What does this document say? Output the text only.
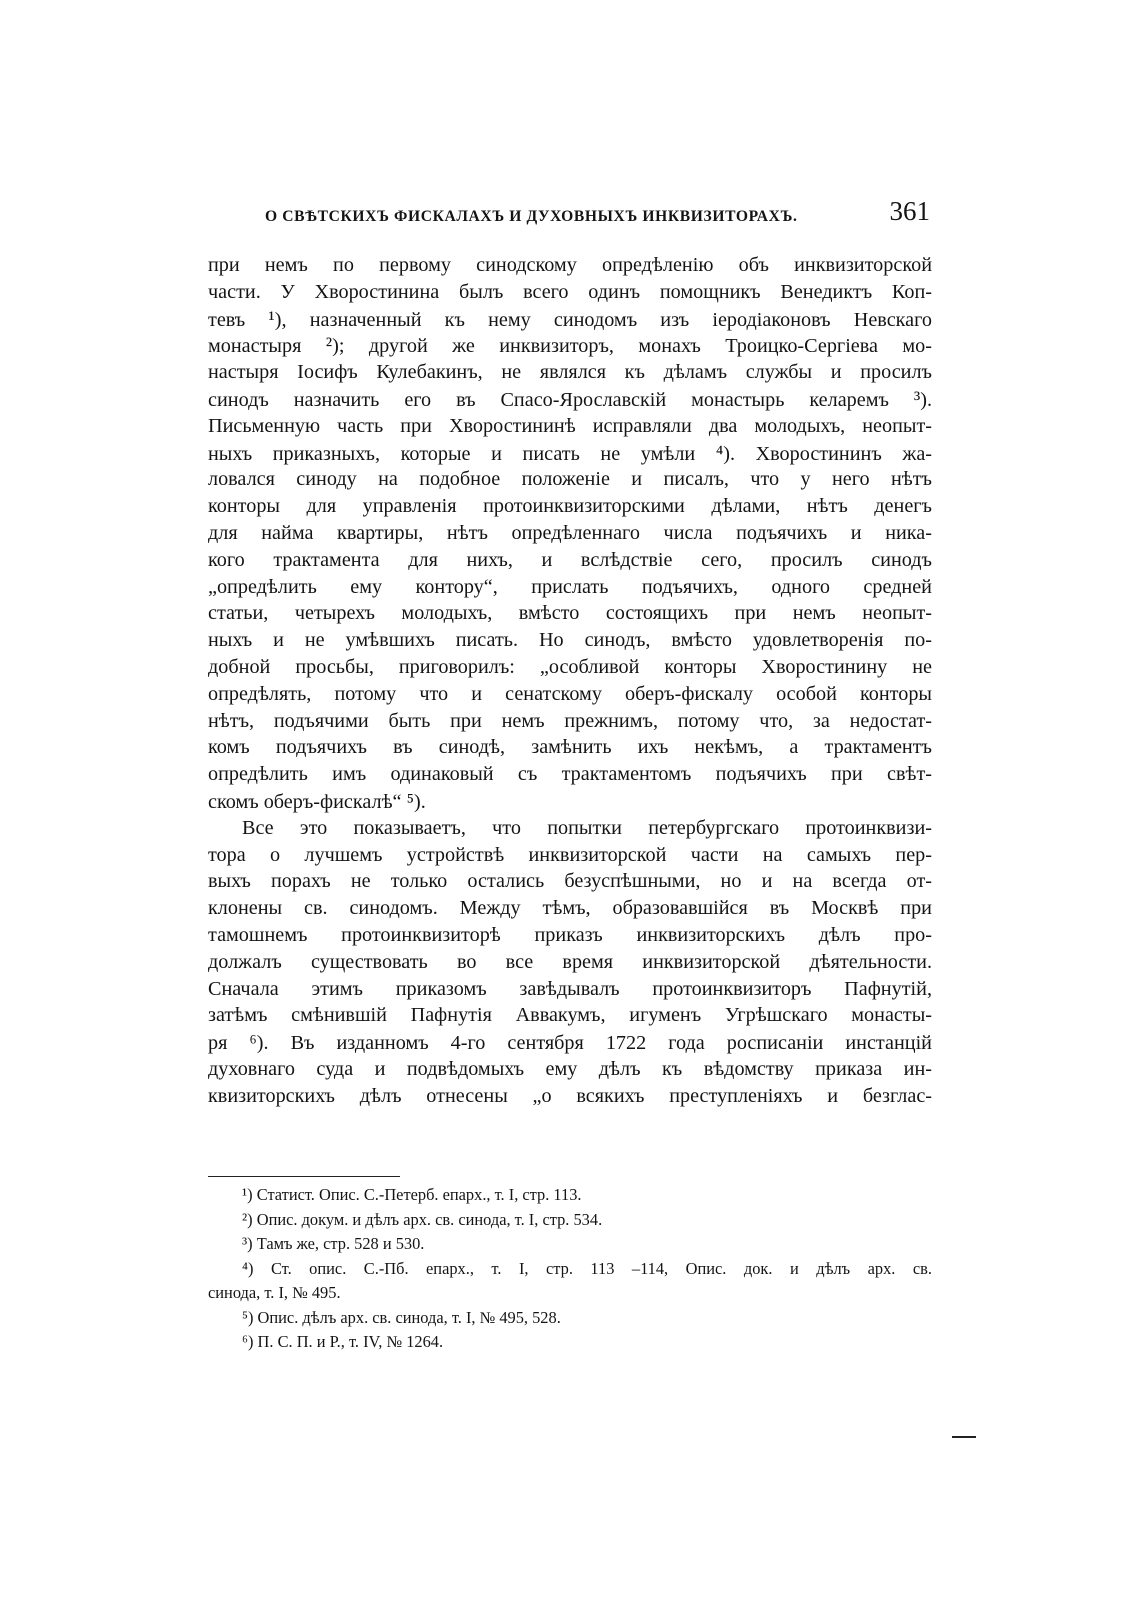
О СВѢТСКИХЪ ФИСКАЛАХЪ И ДУХОВНЫХЪ ИНКВИЗИТОРАХЪ.	361
при немъ по первому синодскому опредѣленію объ инквизиторской
части. У Хворостинина былъ всего одинъ помощникъ Венедиктъ Коп-
тевъ ¹), назначенный къ нему синодомъ изъ іеродіаконовъ Невскаго
монастыря ²); другой же инквизиторъ, монахъ Троицко-Сергіева мо-
настыря Іосифъ Кулебакинъ, не являлся къ дѣламъ службы и просилъ
синодъ назначить его въ Спасо-Ярославскій монастырь келаремъ ³).
Письменную часть при Хворостининѣ исправляли два молодыхъ, неопыт-
ныхъ приказныхъ, которые и писать не умѣли ⁴). Хворостининъ жа-
ловался синоду на подобное положеніе и писалъ, что у него нѣтъ
конторы для управленія протоинквизиторскими дѣлами, нѣтъ денегъ
для найма квартиры, нѣтъ опредѣленнаго числа подъячихъ и ника-
кого трактамента для нихъ, и вслѣдствіе сего, просилъ синодъ
„опредѣлить ему контору“, прислать подъячихъ, одного средней
статьи, четырехъ молодыхъ, вмѣсто состоящихъ при немъ неопыт-
ныхъ и не умѣвшихъ писать. Но синодъ, вмѣсто удовлетворенія по-
добной просьбы, приговорилъ: „особливой конторы Хворостинину не
опредѣлять, потому что и сенатскому оберъ-фискалу особой конторы
нѣтъ, подъячими быть при немъ прежнимъ, потому что, за недостат-
комъ подъячихъ въ синодѣ, замѣнить ихъ некѣмъ, а трактаментъ
опредѣлить имъ одинаковый съ трактаментомъ подъячихъ при свѣт-
скомъ оберъ-фискалѣ“ ⁵).
Все это показываетъ, что попытки петербургскаго протоинквизи-
тора о лучшемъ устройствѣ инквизиторской части на самыхъ пер-
выхъ порахъ не только остались безуспѣшными, но и на всегда от-
клонены св. синодомъ. Между тѣмъ, образовавшійся въ Москвѣ при
тамошнемъ протоинквизиторѣ приказъ инквизиторскихъ дѣлъ про-
должалъ существовать во все время инквизиторской дѣятельности.
Сначала этимъ приказомъ завѣдывалъ протоинквизиторъ Пафнутій,
затѣмъ смѣнившій Пафнутія Аввакумъ, игуменъ Угрѣшскаго монасты-
ря ⁶). Въ изданномъ 4-го сентября 1722 года росписаніи инстанцій
духовнаго суда и подвѣдомыхъ ему дѣлъ къ вѣдомству приказа ин-
квизиторскихъ дѣлъ отнесены „о всякихъ преступленіяхъ и безглас-
¹) Статист. Опис. С.-Петерб. епарх., т. I, стр. 113.
²) Опис. докум. и дѣлъ арх. св. синода, т. I, стр. 534.
³) Тамъ же, стр. 528 и 530.
⁴) Ст. опис. С.-Пб. епарх., т. I, стр. 113 –114, Опис. док. и дѣлъ арх. св.
синода, т. I, № 495.
⁵) Опис. дѣлъ арх. св. синода, т. I, № 495, 528.
⁶) П. С. П. и Р., т. IV, № 1264.
